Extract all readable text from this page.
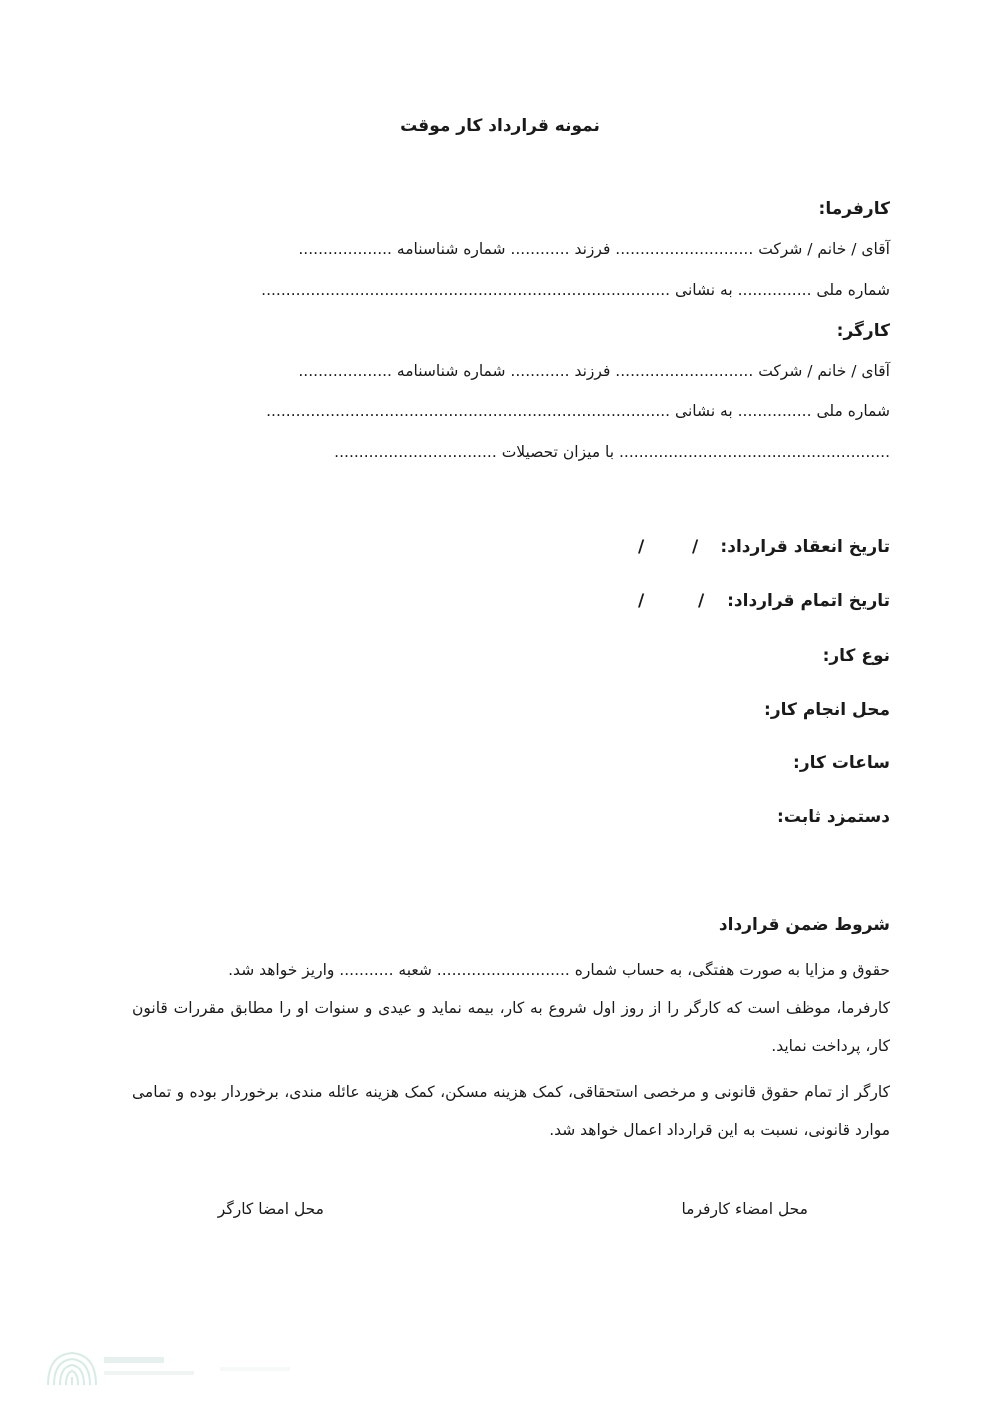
نمونه قرارداد کار موقت
کارفرما:
آقای / خانم / شرکت ............................ فرزند ............ شماره شناسنامه ...................
شماره ملی ............... به نشانی ...................................................................................
کارگر:
آقای / خانم / شرکت ............................ فرزند ............ شماره شناسنامه ...................
شماره ملی ............... به نشانی ..................................................................................
....................................................... با میزان تحصیلات .................................
تاریخ انعقاد قرارداد:
/
/
تاریخ اتمام قرارداد:
/
/
نوع کار:
محل انجام کار:
ساعات کار:
دستمزد ثابت:
شروط ضمن قرارداد
حقوق و مزایا به صورت هفتگی، به حساب شماره ........................... شعبه ........... واریز خواهد شد.
کارفرما، موظف است که کارگر را از روز اول شروع به کار، بیمه نماید و عیدی و سنوات او را مطابق مقررات قانون کار، پرداخت نماید.
کارگر از تمام حقوق قانونی و مرخصی استحقاقی، کمک هزینه مسکن، کمک هزینه عائله مندی، برخوردار بوده و تمامی موارد قانونی، نسبت به این قرارداد اعمال خواهد شد.
محل امضاء کارفرما
محل امضا کارگر
